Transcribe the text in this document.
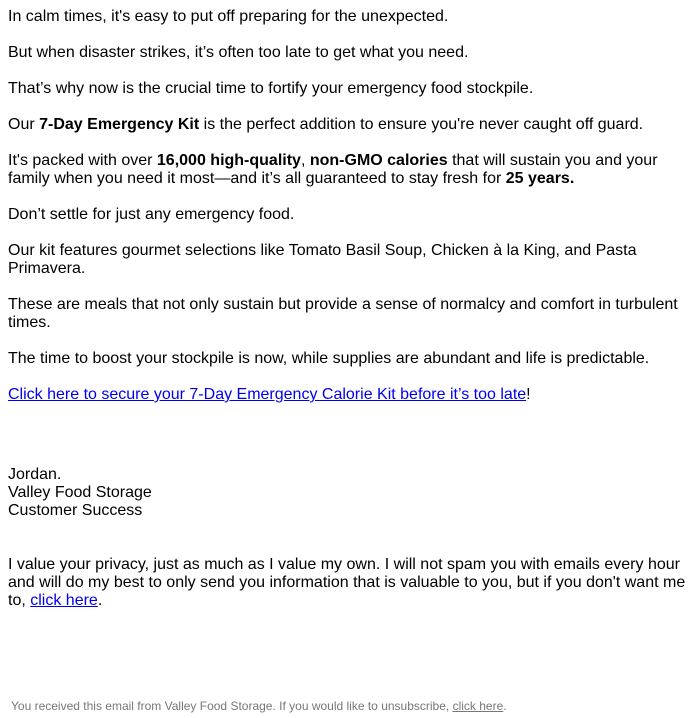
In calm times, it's easy to put off preparing for the unexpected.

But when disaster strikes, it’s often too late to get what you need.

That’s why now is the crucial time to fortify your emergency food stockpile.

Our 7-Day Emergency Kit is the perfect addition to ensure you're never caught off guard.

It's packed with over 16,000 high-quality, non-GMO calories that will sustain you and your family when you need it most—and it’s all guaranteed to stay fresh for 25 years.

Don’t settle for just any emergency food.

Our kit features gourmet selections like Tomato Basil Soup, Chicken à la King, and Pasta Primavera.

These are meals that not only sustain but provide a sense of normalcy and comfort in turbulent times.

The time to boost your stockpile is now, while supplies are abundant and life is predictable.

Click here to secure your 7-Day Emergency Calorie Kit before it’s too late!

Jordan.
Valley Food Storage
Customer Success

I value your privacy, just as much as I value my own. I will not spam you with emails every hour and will do my best to only send you information that is valuable to you, but if you don't want me to, click here.

You received this email from Valley Food Storage. If you would like to unsubscribe, click here.
